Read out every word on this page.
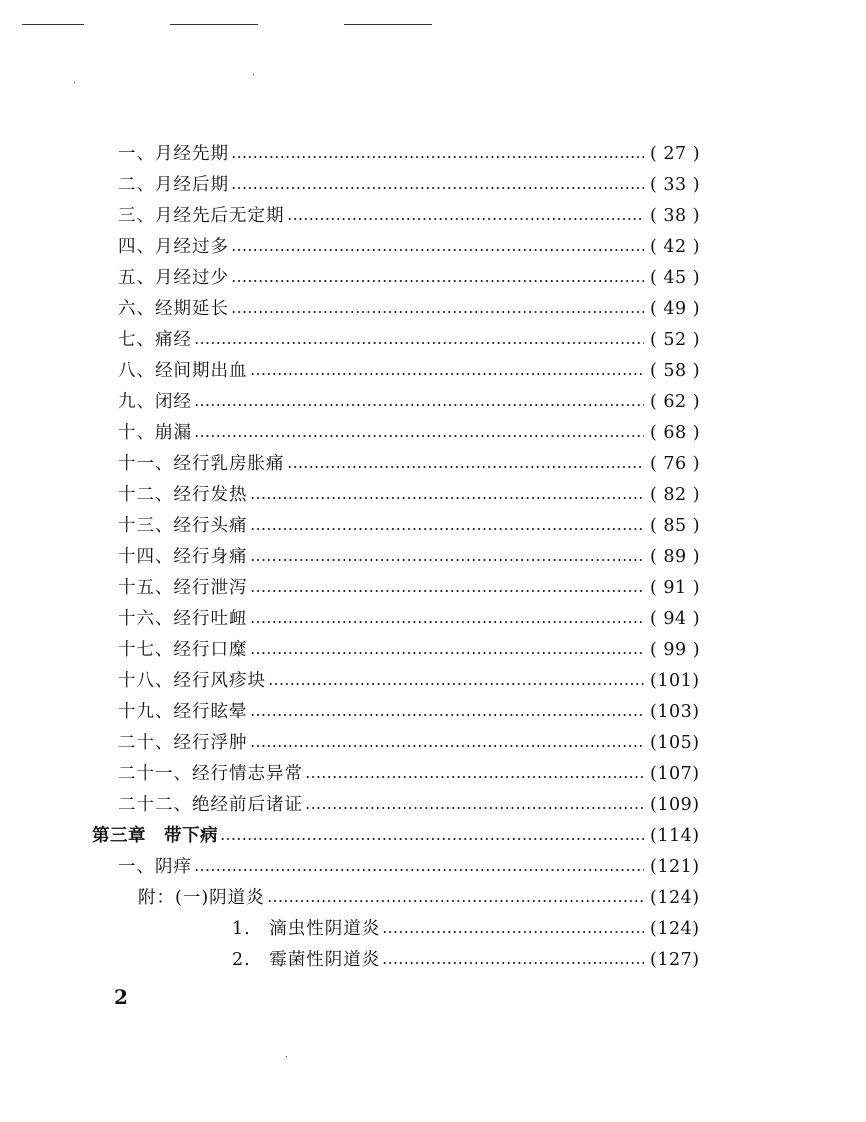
一、月经先期	( 27 )
二、月经后期	( 33 )
三、月经先后无定期	( 38 )
四、月经过多	( 42 )
五、月经过少	( 45 )
六、经期延长	( 49 )
七、痛经	( 52 )
八、经间期出血	( 58 )
九、闭经	( 62 )
十、崩漏	( 68 )
十一、经行乳房胀痛	( 76 )
十二、经行发热	( 82 )
十三、经行头痛	( 85 )
十四、经行身痛	( 89 )
十五、经行泄泻	( 91 )
十六、经行吐衄	( 94 )
十七、经行口糜	( 99 )
十八、经行风疹块	(101)
十九、经行眩晕	(103)
二十、经行浮肿	(105)
二十一、经行情志异常	(107)
二十二、绝经前后诸证	(109)
第三章　带下病	(114)
一、阴痒	(121)
附：(一)阴道炎	(124)
1.　滴虫性阴道炎	(124)
2.　霉菌性阴道炎	(127)
2
